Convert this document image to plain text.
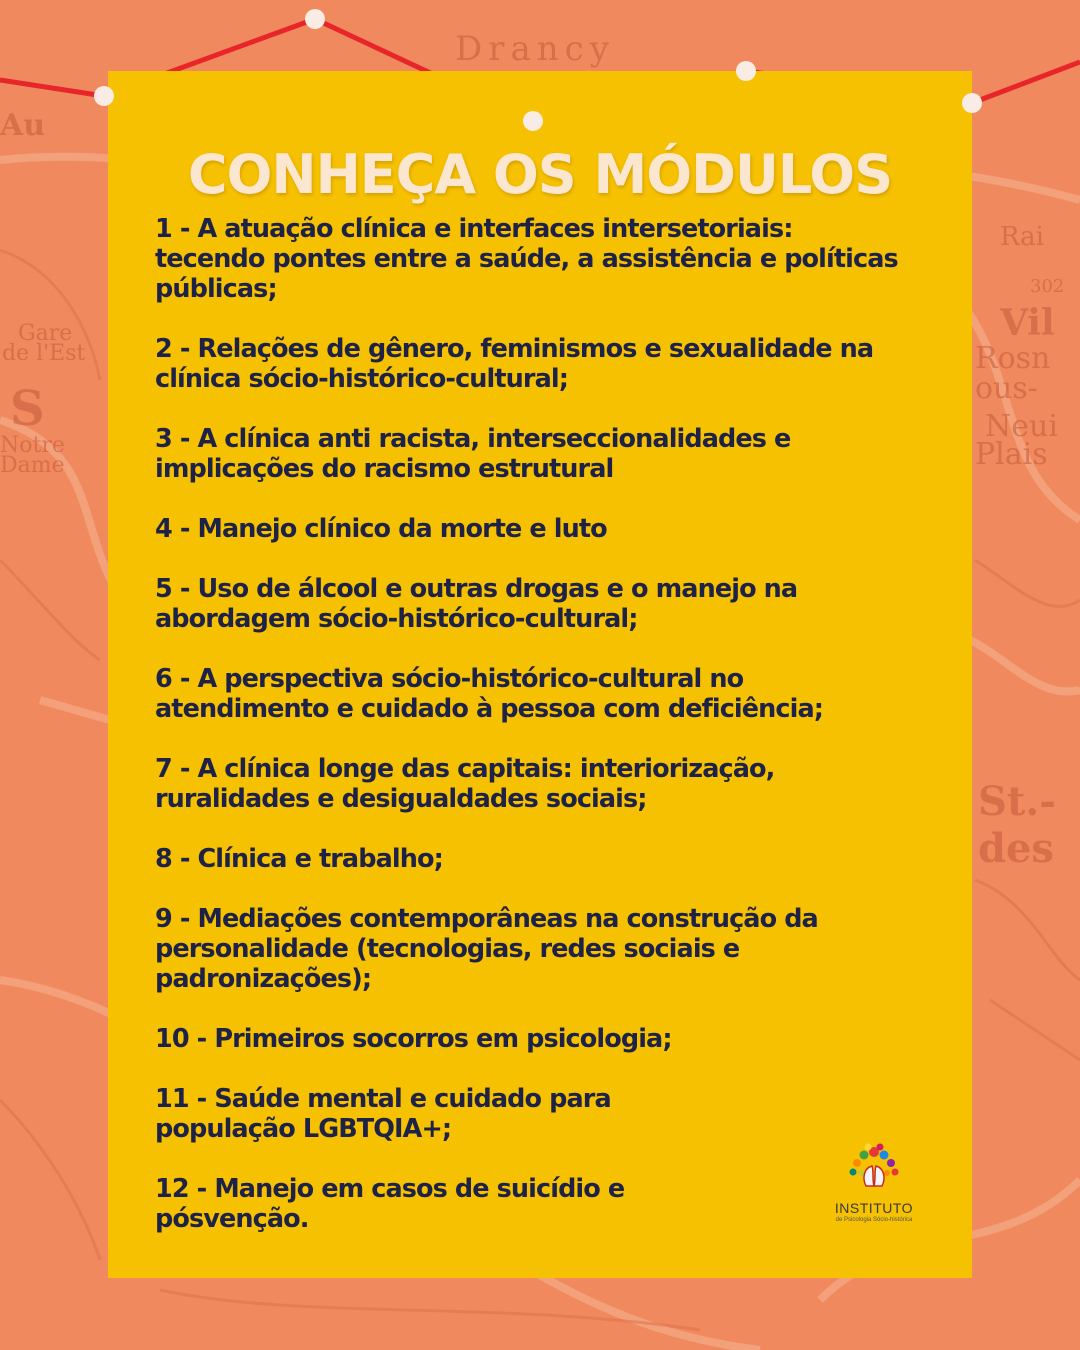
Drancy
Gare
de l'Est
S
Notre
Dame
Vil
Rosn
ous-
Neui
Plais
St.-
des
Au
Rai
302
CONHEÇA OS MÓDULOS
1 - A atuação clínica e interfaces intersetoriais:
tecendo pontes entre a saúde, a assistência e políticas
públicas;
2 - Relações de gênero, feminismos e sexualidade na
clínica sócio-histórico-cultural;
3 - A clínica anti racista, interseccionalidades e
implicações do racismo estrutural
4 - Manejo clínico da morte e luto
5 - Uso de álcool e outras drogas e o manejo na
abordagem sócio-histórico-cultural;
6 - A perspectiva sócio-histórico-cultural no
atendimento e cuidado à pessoa com deficiência;
7 - A clínica longe das capitais: interiorização,
ruralidades e desigualdades sociais;
8 - Clínica e trabalho;
9 - Mediações contemporâneas na construção da
personalidade (tecnologias, redes sociais e
padronizações);
10 - Primeiros socorros em psicologia;
11 - Saúde mental e cuidado para
população LGBTQIA+;
12 - Manejo em casos de suicídio e
pósvenção.	INSTITUTO
de Psicologia Sócio-histórica
